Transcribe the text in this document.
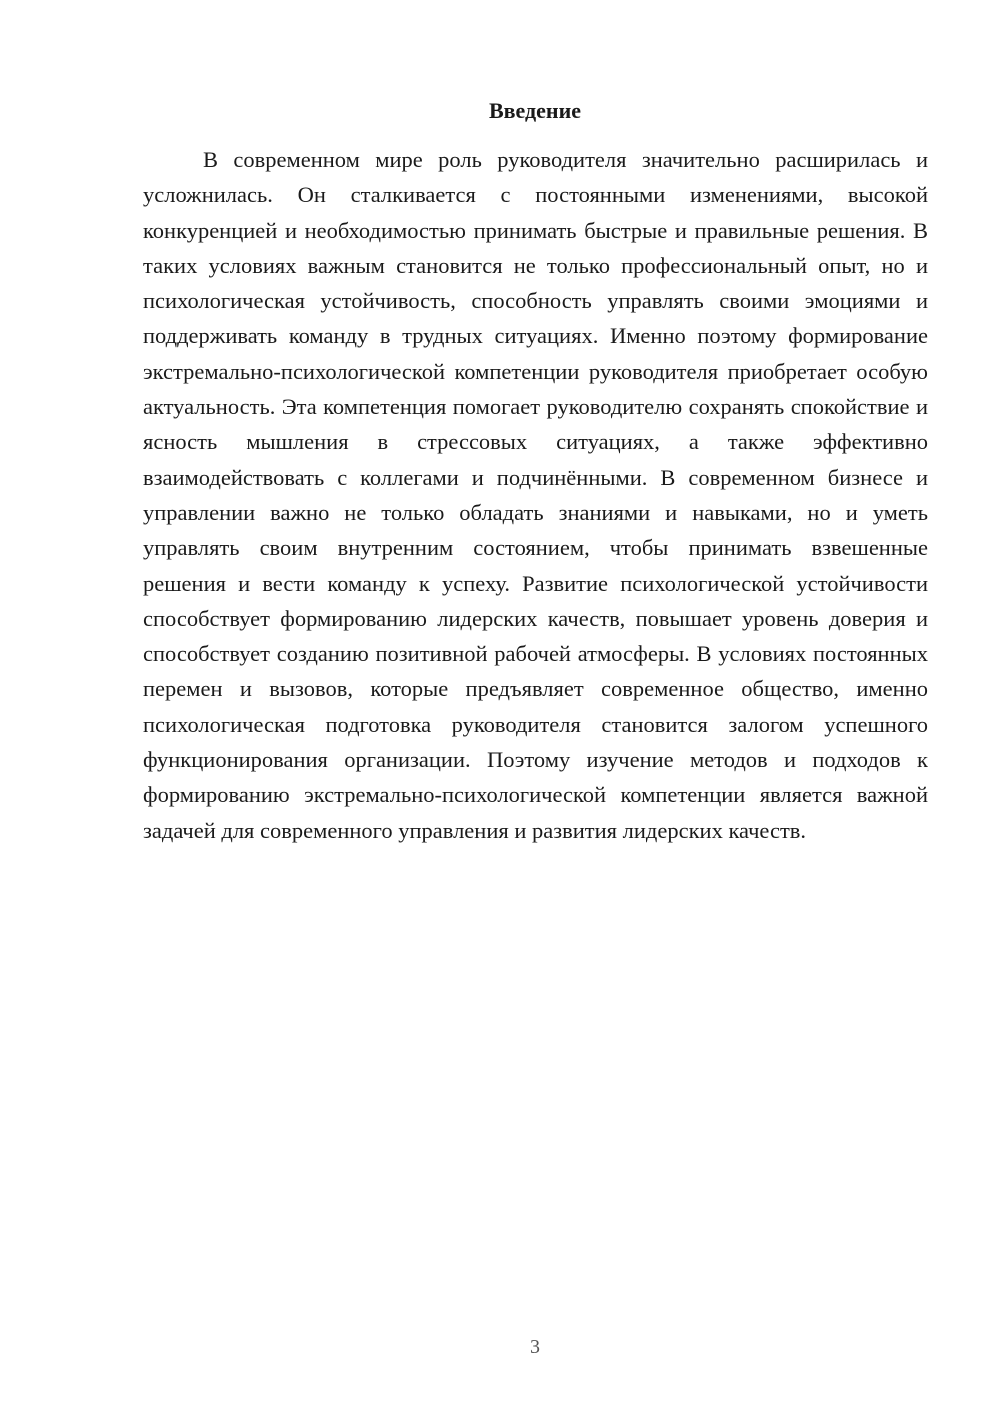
Введение

В современном мире роль руководителя значительно расширилась и усложнилась. Он сталкивается с постоянными изменениями, высокой конкуренцией и необходимостью принимать быстрые и правильные решения. В таких условиях важным становится не только профессиональный опыт, но и психологическая устойчивость, способность управлять своими эмоциями и поддерживать команду в трудных ситуациях. Именно поэтому формирование экстремально-психологической компетенции руководителя приобретает особую актуальность. Эта компетенция помогает руководителю сохранять спокойствие и ясность мышления в стрессовых ситуациях, а также эффективно взаимодействовать с коллегами и подчинёнными. В современном бизнесе и управлении важно не только обладать знаниями и навыками, но и уметь управлять своим внутренним состоянием, чтобы принимать взвешенные решения и вести команду к успеху. Развитие психологической устойчивости способствует формированию лидерских качеств, повышает уровень доверия и способствует созданию позитивной рабочей атмосферы. В условиях постоянных перемен и вызовов, которые предъявляет современное общество, именно психологическая подготовка руководителя становится залогом успешного функционирования организации. Поэтому изучение методов и подходов к формированию экстремально-психологической компетенции является важной задачей для современного управления и развития лидерских качеств.

3
